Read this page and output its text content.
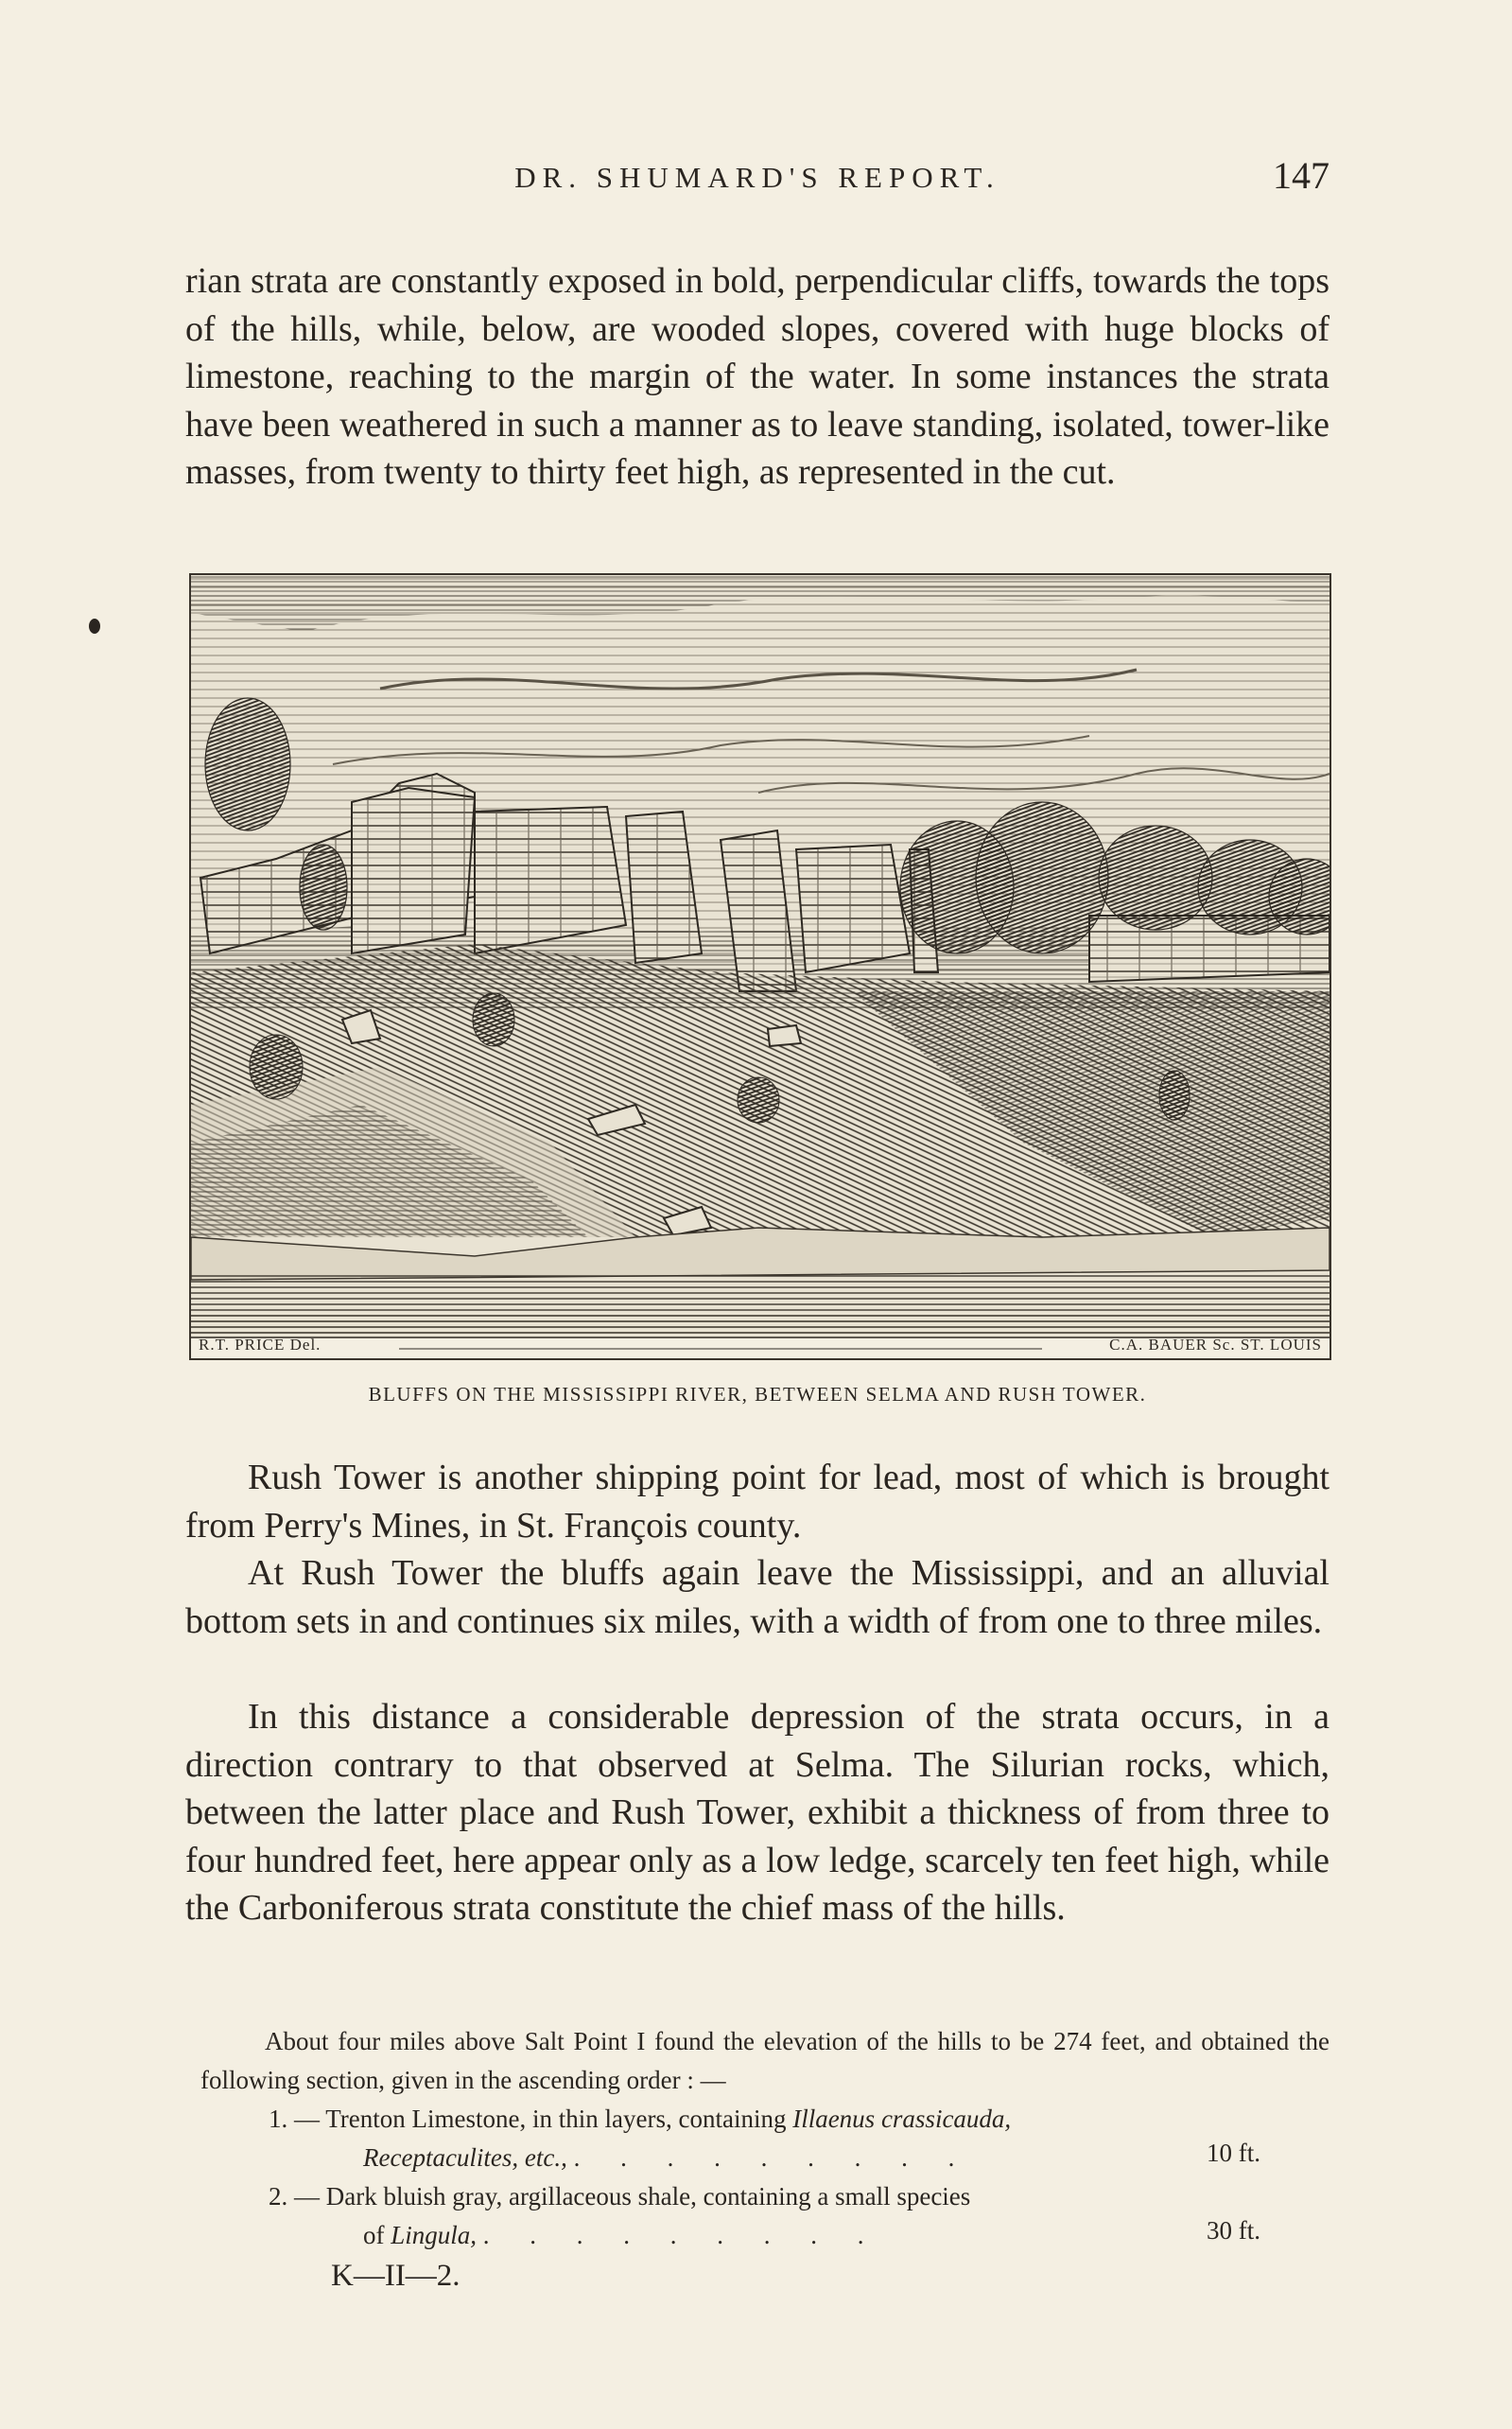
DR. SHUMARD'S REPORT.	147

rian strata are constantly exposed in bold, perpendicular cliffs, towards the tops of the hills, while, below, are wooded slopes, covered with huge blocks of limestone, reaching to the margin of the water. In some instances the strata have been weathered in such a manner as to leave standing, isolated, tower-like masses, from twenty to thirty feet high, as represented in the cut.

R.T. PRICE Del.	C.A. BAUER Sc. ST. LOUIS
BLUFFS ON THE MISSISSIPPI RIVER, BETWEEN SELMA AND RUSH TOWER.

Rush Tower is another shipping point for lead, most of which is brought from Perry's Mines, in St. François county.

At Rush Tower the bluffs again leave the Mississippi, and an alluvial bottom sets in and continues six miles, with a width of from one to three miles.

In this distance a considerable depression of the strata occurs, in a direction contrary to that observed at Selma. The Silurian rocks, which, between the latter place and Rush Tower, exhibit a thickness of from three to four hundred feet, here appear only as a low ledge, scarcely ten feet high, while the Carboniferous strata constitute the chief mass of the hills.

About four miles above Salt Point I found the elevation of the hills to be 274 feet, and obtained the following section, given in the ascending order : —

1. — Trenton Limestone, in thin layers, containing Illaenus crassicauda,
Receptaculites, etc., . . . . . . . . .	10 ft.
2. — Dark bluish gray, argillaceous shale, containing a small species
of Lingula, . . . . . . . . .	30 ft.
K—II—2.
